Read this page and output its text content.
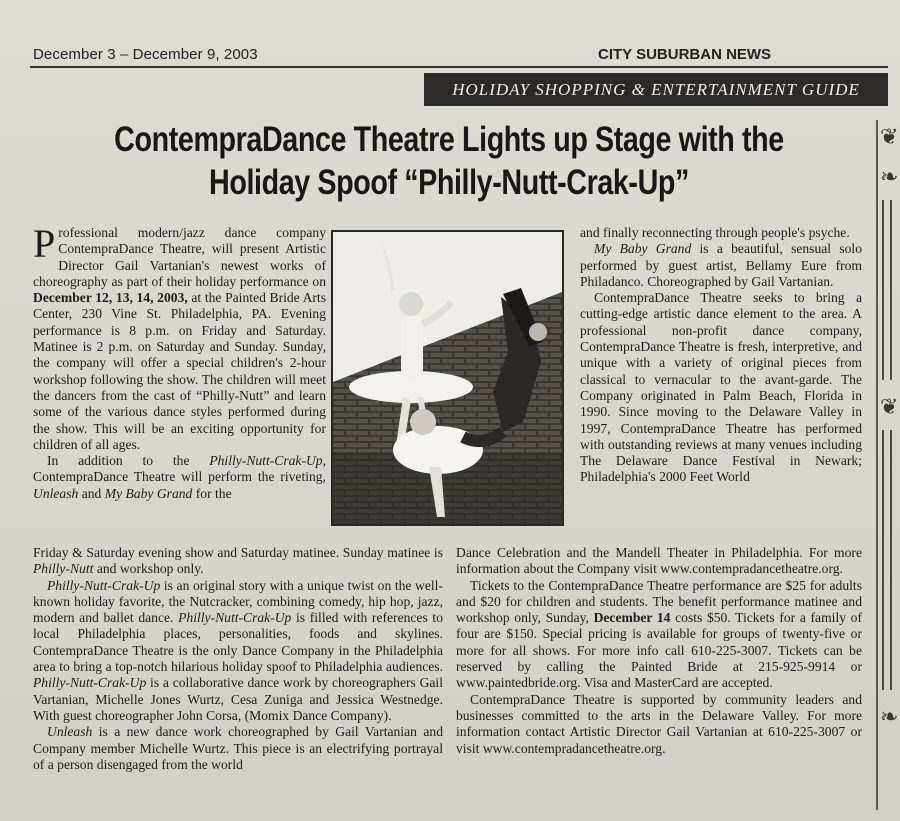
December 3 – December 9, 2003	CITY SUBURBAN NEWS
HOLIDAY SHOPPING & ENTERTAINMENT GUIDE
❦
❧
❦
❧
ContempraDance Theatre Lights up Stage with the
Holiday Spoof “Philly-Nutt-Crak-Up”

Professional modern/jazz dance company ContempraDance Theatre, will present Artistic Director Gail Vartanian's newest works of choreography as part of their holiday performance on December 12, 13, 14, 2003, at the Painted Bride Arts Center, 230 Vine St. Philadelphia, PA. Evening performance is 8 p.m. on Friday and Saturday. Matinee is 2 p.m. on Saturday and Sunday. Sunday, the company will offer a special children's 2-hour workshop following the show. The children will meet the dancers from the cast of “Philly-Nutt” and learn some of the various dance styles performed during the show. This will be an exciting opportunity for children of all ages.

In addition to the Philly-Nutt-Crak-Up, ContempraDance Theatre will perform the riveting, Unleash and My Baby Grand for the

and finally reconnecting through people's psyche.

My Baby Grand is a beautiful, sensual solo performed by guest artist, Bellamy Eure from Philadanco. Choreographed by Gail Vartanian.

ContempraDance Theatre seeks to bring a cutting-edge artistic dance element to the area. A professional non-profit dance company, ContempraDance Theatre is fresh, interpretive, and unique with a variety of original pieces from classical to vernacular to the avant-garde. The Company originated in Palm Beach, Florida in 1990. Since moving to the Delaware Valley in 1997, ContempraDance Theatre has performed with outstanding reviews at many venues including The Delaware Dance Festival in Newark; Philadelphia's 2000 Feet World

Friday & Saturday evening show and Saturday matinee. Sunday matinee is Philly-Nutt and workshop only.

Philly-Nutt-Crak-Up is an original story with a unique twist on the well-known holiday favorite, the Nutcracker, combining comedy, hip hop, jazz, modern and ballet dance. Philly-Nutt-Crak-Up is filled with references to local Philadelphia places, personalities, foods and skylines. ContempraDance Theatre is the only Dance Company in the Philadelphia area to bring a top-notch hilarious holiday spoof to Philadelphia audiences. Philly-Nutt-Crak-Up is a collaborative dance work by choreographers Gail Vartanian, Michelle Jones Wurtz, Cesa Zuniga and Jessica Westnedge. With guest choreographer John Corsa, (Momix Dance Company).

Unleash is a new dance work choreographed by Gail Vartanian and Company member Michelle Wurtz. This piece is an electrifying portrayal of a person disengaged from the world

Dance Celebration and the Mandell Theater in Philadelphia. For more information about the Company visit www.contempradancetheatre.org.

Tickets to the ContempraDance Theatre performance are $25 for adults and $20 for children and students. The benefit performance matinee and workshop only, Sunday, December 14 costs $50. Tickets for a family of four are $150. Special pricing is available for groups of twenty-five or more for all shows. For more info call 610-225-3007. Tickets can be reserved by calling the Painted Bride at 215-925-9914 or www.paintedbride.org. Visa and MasterCard are accepted.

ContempraDance Theatre is supported by community leaders and businesses committed to the arts in the Delaware Valley. For more information contact Artistic Director Gail Vartanian at 610-225-3007 or visit www.contempradancetheatre.org.
